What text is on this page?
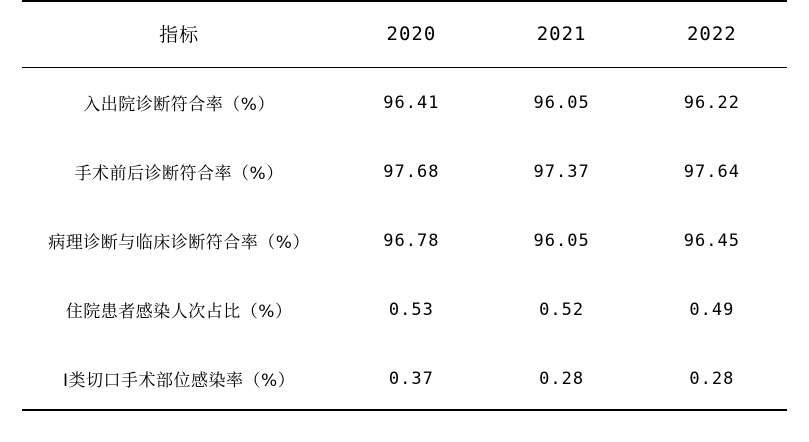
指标	2020	2021	2022
入出院诊断符合率（%）	96.41	96.05	96.22
手术前后诊断符合率（%）	97.68	97.37	97.64
病理诊断与临床诊断符合率（%）	96.78	96.05	96.45
住院患者感染人次占比（%）	0.53	0.52	0.49
Ⅰ类切口手术部位感染率（%）	0.37	0.28	0.28
